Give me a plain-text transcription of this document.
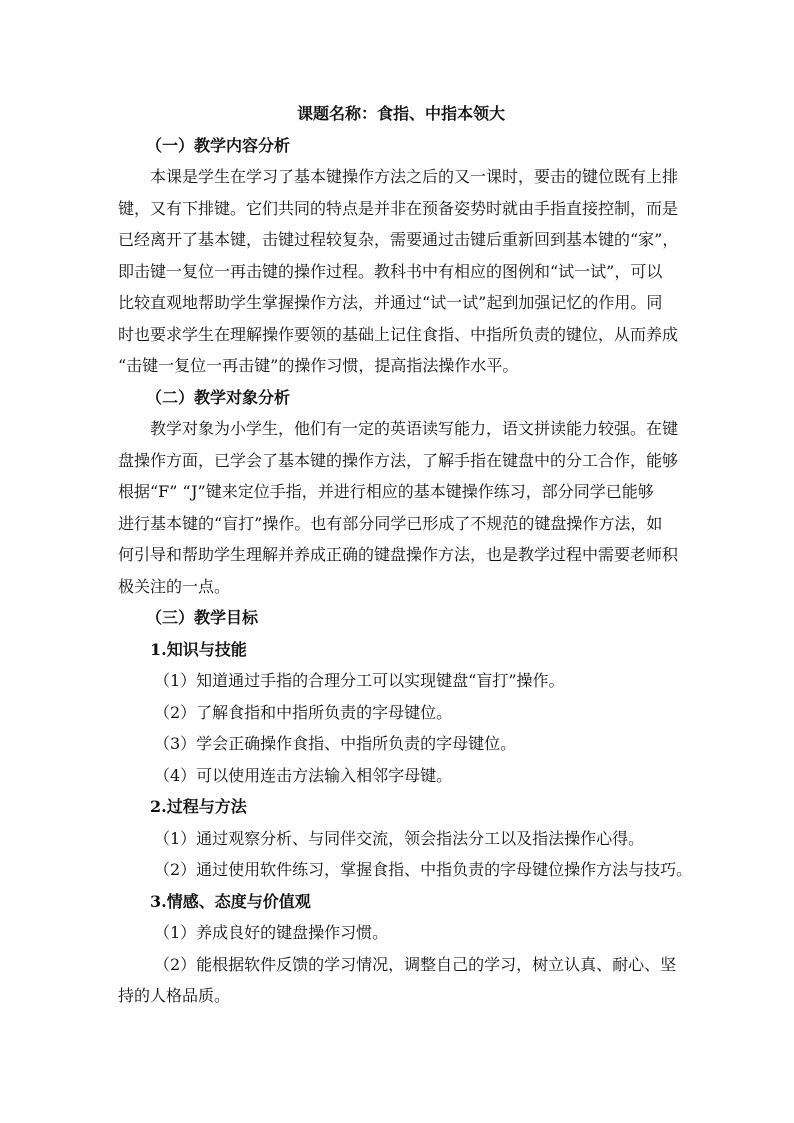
课题名称：食指、中指本领大
（一）教学内容分析
本课是学生在学习了基本键操作方法之后的又一课时，要击的键位既有上排
键，又有下排键。它们共同的特点是并非在预备姿势时就由手指直接控制，而是
已经离开了基本键，击键过程较复杂，需要通过击键后重新回到基本键的“家”，
即击键一复位一再击键的操作过程。教科书中有相应的图例和“试一试”，可以
比较直观地帮助学生掌握操作方法，并通过“试一试”起到加强记忆的作用。同
时也要求学生在理解操作要领的基础上记住食指、中指所负责的键位，从而养成
“击键一复位一再击键”的操作习惯，提高指法操作水平。
（二）教学对象分析
教学对象为小学生，他们有一定的英语读写能力，语文拼读能力较强。在键
盘操作方面，已学会了基本键的操作方法，了解手指在键盘中的分工合作，能够
根据“F” “J”键来定位手指，并进行相应的基本键操作练习，部分同学已能够
进行基本键的“盲打”操作。也有部分同学已形成了不规范的键盘操作方法，如
何引导和帮助学生理解并养成正确的键盘操作方法，也是教学过程中需要老师积
极关注的一点。
（三）教学目标
1.知识与技能
（1）知道通过手指的合理分工可以实现键盘“盲打”操作。
（2）了解食指和中指所负责的字母键位。
（3）学会正确操作食指、中指所负责的字母键位。
（4）可以使用连击方法输入相邻字母键。
2.过程与方法
（1）通过观察分析、与同伴交流，领会指法分工以及指法操作心得。
（2）通过使用软件练习，掌握食指、中指负责的字母键位操作方法与技巧。
3.情感、态度与价值观
（1）养成良好的键盘操作习惯。
（2）能根据软件反馈的学习情况，调整自己的学习，树立认真、耐心、坚
持的人格品质。
